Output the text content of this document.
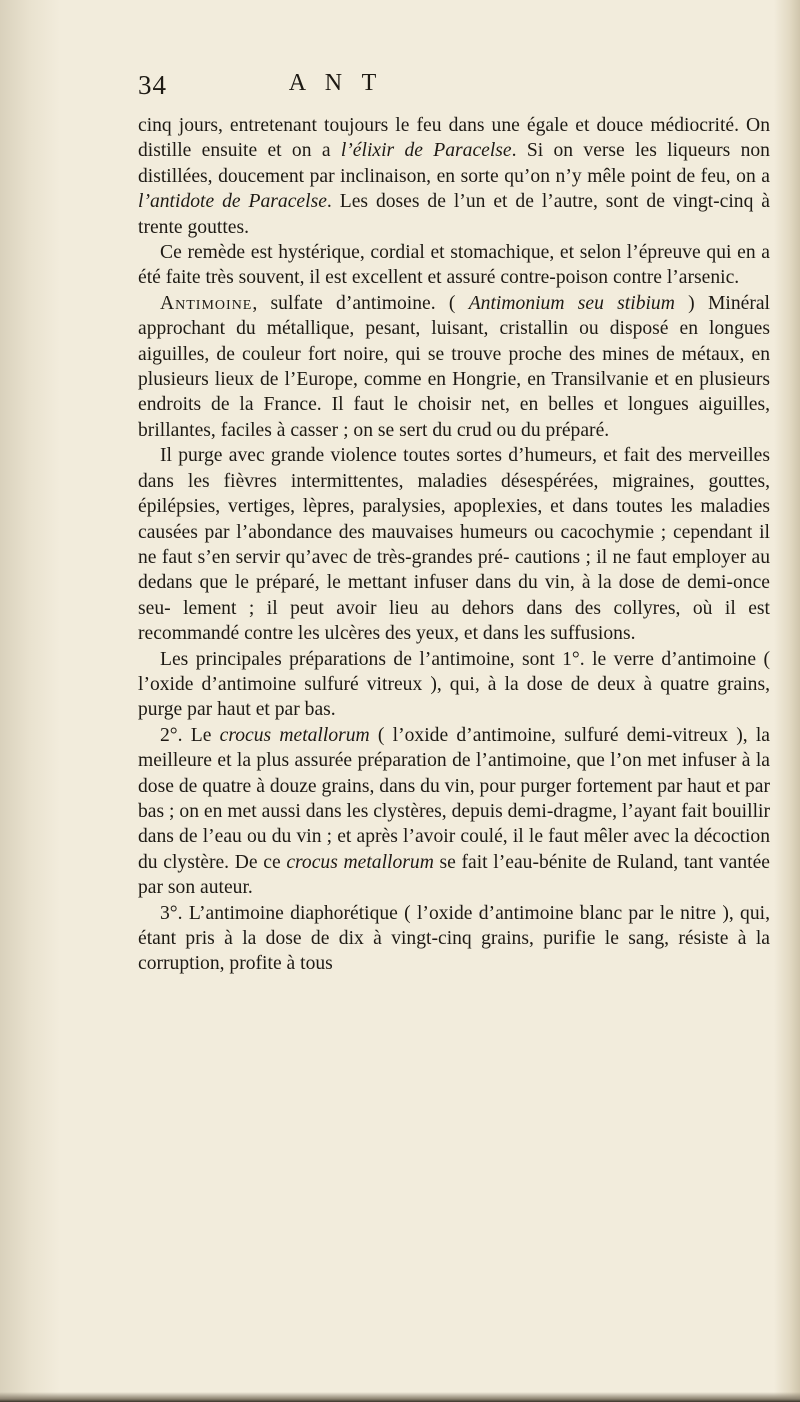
34	A N T

cinq jours, entretenant toujours le feu dans une égale et douce médiocrité. On distille ensuite et on a l’élixir de Paracelse. Si on verse les liqueurs non distillées, doucement par inclinaison, en sorte qu’on n’y mêle point de feu, on a l’antidote de Paracelse. Les doses de l’un et de l’autre, sont de vingt-cinq à trente gouttes.

Ce remède est hystérique, cordial et stomachique, et selon l’épreuve qui en a été faite très souvent, il est excellent et assuré contre-poison contre l’arsenic.

Antimoine, sulfate d’antimoine. ( Antimonium seu stibium ) Minéral approchant du métallique, pesant, luisant, cristallin ou disposé en longues aiguilles, de couleur fort noire, qui se trouve proche des mines de métaux, en plusieurs lieux de l’Europe, comme en Hongrie, en Transilvanie et en plusieurs endroits de la France. Il faut le choisir net, en belles et longues aiguilles, brillantes, faciles à casser ; on se sert du crud ou du préparé.

Il purge avec grande violence toutes sortes d’humeurs, et fait des merveilles dans les fièvres intermittentes, maladies désespérées, migraines, gouttes, épilépsies, vertiges, lèpres, paralysies, apoplexies, et dans toutes les maladies causées par l’abondance des mauvaises humeurs ou cacochymie ; cependant il ne faut s’en servir qu’avec de très-grandes pré- cautions ; il ne faut employer au dedans que le préparé, le mettant infuser dans du vin, à la dose de demi-once seu- lement ; il peut avoir lieu au dehors dans des collyres, où il est recommandé contre les ulcères des yeux, et dans les suffusions.

Les principales préparations de l’antimoine, sont 1°. le verre d’antimoine ( l’oxide d’antimoine sulfuré vitreux ), qui, à la dose de deux à quatre grains, purge par haut et par bas.

2°. Le crocus metallorum ( l’oxide d’antimoine, sulfuré demi-vitreux ), la meilleure et la plus assurée préparation de l’antimoine, que l’on met infuser à la dose de quatre à douze grains, dans du vin, pour purger fortement par haut et par bas ; on en met aussi dans les clystères, depuis demi-dragme, l’ayant fait bouillir dans de l’eau ou du vin ; et après l’avoir coulé, il le faut mêler avec la décoction du clystère. De ce crocus metallorum se fait l’eau-bénite de Ruland, tant vantée par son auteur.

3°. L’antimoine diaphorétique ( l’oxide d’antimoine blanc par le nitre ), qui, étant pris à la dose de dix à vingt-cinq grains, purifie le sang, résiste à la corruption, profite à tous
